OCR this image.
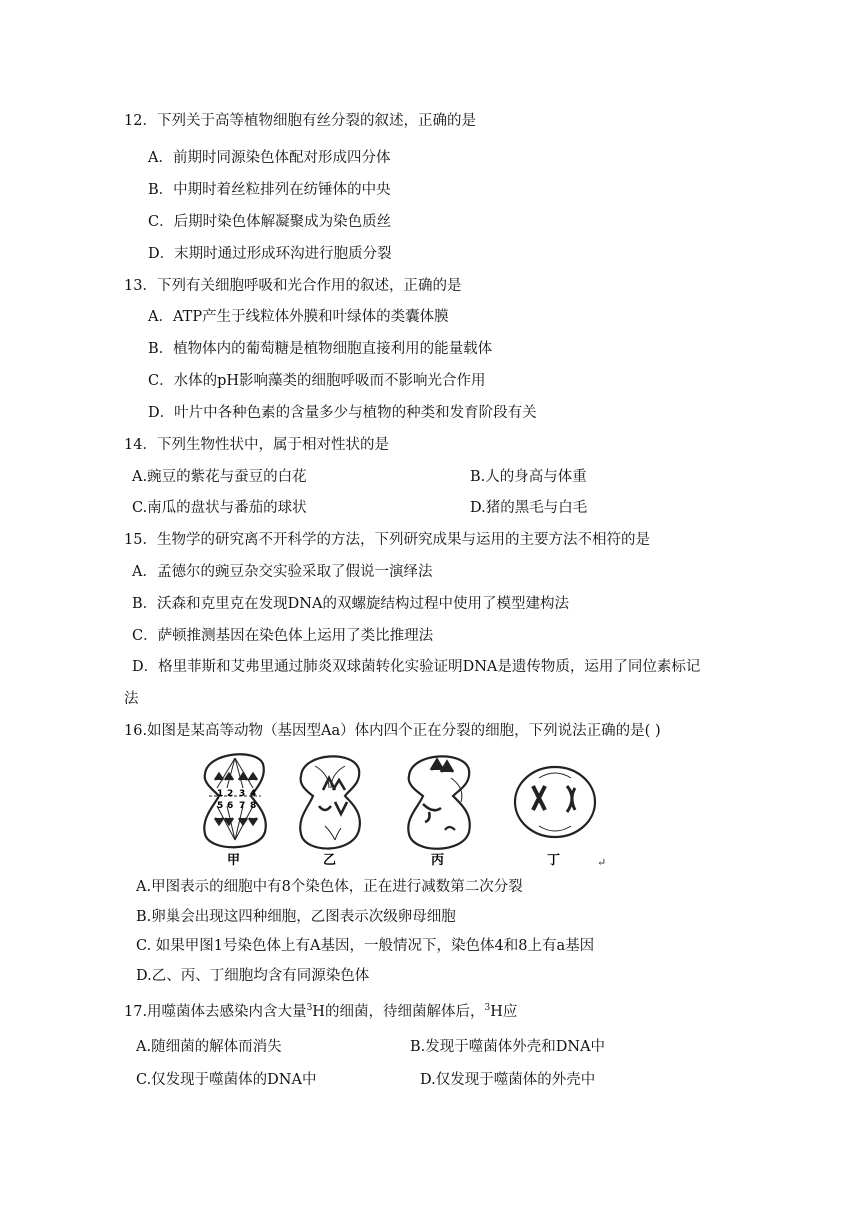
12．下列关于高等植物细胞有丝分裂的叙述，正确的是
A．前期时同源染色体配对形成四分体
B．中期时着丝粒排列在纺锤体的中央
C．后期时染色体解凝聚成为染色质丝
D．末期时通过形成环沟进行胞质分裂
13．下列有关细胞呼吸和光合作用的叙述，正确的是
A．ATP产生于线粒体外膜和叶绿体的类囊体膜
B．植物体内的葡萄糖是植物细胞直接利用的能量载体
C．水体的pH影响藻类的细胞呼吸而不影响光合作用
D．叶片中各种色素的含量多少与植物的种类和发育阶段有关
14．下列生物性状中，属于相对性状的是
A.豌豆的紫花与蚕豆的白花	B.人的身高与体重
C.南瓜的盘状与番茄的球状	D.猪的黑毛与白毛
15．生物学的研究离不开科学的方法，下列研究成果与运用的主要方法不相符的是
A．孟德尔的豌豆杂交实验采取了假说一演绎法
B．沃森和克里克在发现DNA的双螺旋结构过程中使用了模型建构法
C．萨顿推测基因在染色体上运用了类比推理法
D．格里菲斯和艾弗里通过肺炎双球菌转化实验证明DNA是遗传物质，运用了同位素标记
法
16.如图是某高等动物（基因型Aa）体内四个正在分裂的细胞，下列说法正确的是( )
1 2 3 4
5 6 7 8
甲	乙	丙	丁	↵
A.甲图表示的细胞中有8个染色体，正在进行减数第二次分裂
B.卵巢会出现这四种细胞，乙图表示次级卵母细胞
C. 如果甲图1号染色体上有A基因，一般情况下，染色体4和8上有a基因
D.乙、丙、丁细胞均含有同源染色体
17.用噬菌体去感染内含大量$^3$H的细菌，待细菌解体后，$^3$H应
A.随细菌的解体而消失	B.发现于噬菌体外壳和DNA中
C.仅发现于噬菌体的DNA中	D.仅发现于噬菌体的外壳中
